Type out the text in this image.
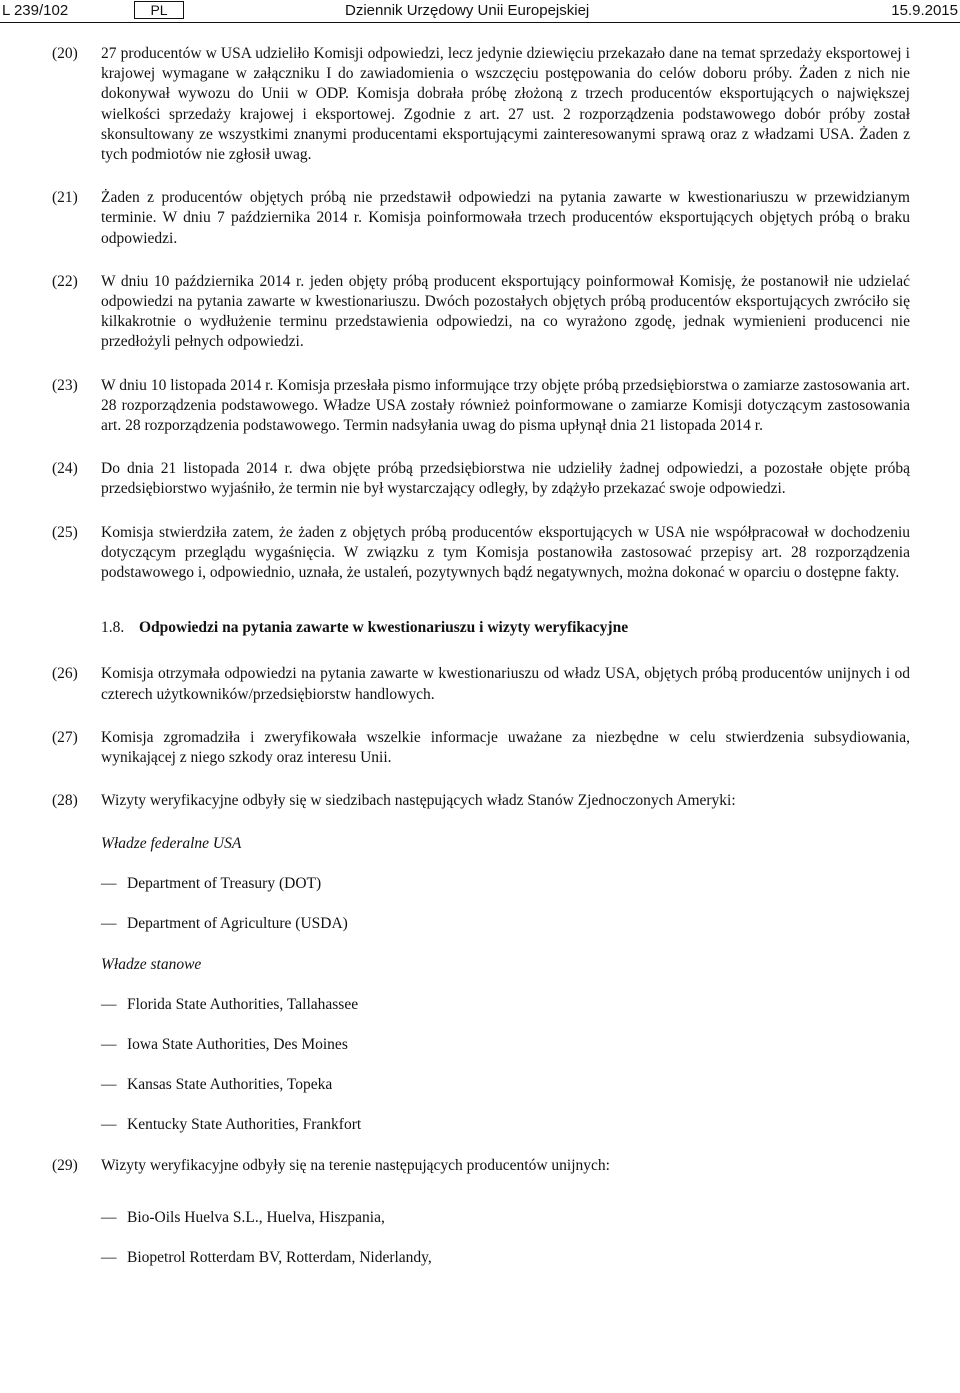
L 239/102	PL	Dziennik Urzędowy Unii Europejskiej	15.9.2015
(20) 27 producentów w USA udzieliło Komisji odpowiedzi, lecz jedynie dziewięciu przekazało dane na temat sprzedaży eksportowej i krajowej wymagane w załączniku I do zawiadomienia o wszczęciu postępowania do celów doboru próby. Żaden z nich nie dokonywał wywozu do Unii w ODP. Komisja dobrała próbę złożoną z trzech producentów eksportujących o największej wielkości sprzedaży krajowej i eksportowej. Zgodnie z art. 27 ust. 2 rozporządzenia podstawowego dobór próby został skonsultowany ze wszystkimi znanymi producentami eksportującymi zainteresowanymi sprawą oraz z władzami USA. Żaden z tych podmiotów nie zgłosił uwag.
(21) Żaden z producentów objętych próbą nie przedstawił odpowiedzi na pytania zawarte w kwestionariuszu w przewidzianym terminie. W dniu 7 października 2014 r. Komisja poinformowała trzech producentów eksportujących objętych próbą o braku odpowiedzi.
(22) W dniu 10 października 2014 r. jeden objęty próbą producent eksportujący poinformował Komisję, że postanowił nie udzielać odpowiedzi na pytania zawarte w kwestionariuszu. Dwóch pozostałych objętych próbą producentów eksportujących zwróciło się kilkakrotnie o wydłużenie terminu przedstawienia odpowiedzi, na co wyrażono zgodę, jednak wymienieni producenci nie przedłożyli pełnych odpowiedzi.
(23) W dniu 10 listopada 2014 r. Komisja przesłała pismo informujące trzy objęte próbą przedsiębiorstwa o zamiarze zastosowania art. 28 rozporządzenia podstawowego. Władze USA zostały również poinformowane o zamiarze Komisji dotyczącym zastosowania art. 28 rozporządzenia podstawowego. Termin nadsyłania uwag do pisma upłynął dnia 21 listopada 2014 r.
(24) Do dnia 21 listopada 2014 r. dwa objęte próbą przedsiębiorstwa nie udzieliły żadnej odpowiedzi, a pozostałe objęte próbą przedsiębiorstwo wyjaśniło, że termin nie był wystarczający odległy, by zdążyło przekazać swoje odpowiedzi.
(25) Komisja stwierdziła zatem, że żaden z objętych próbą producentów eksportujących w USA nie współpracował w dochodzeniu dotyczącym przeglądu wygaśnięcia. W związku z tym Komisja postanowiła zastosować przepisy art. 28 rozporządzenia podstawowego i, odpowiednio, uznała, że ustaleń, pozytywnych bądź negatywnych, można dokonać w oparciu o dostępne fakty.
1.8. Odpowiedzi na pytania zawarte w kwestionariuszu i wizyty weryfikacyjne
(26) Komisja otrzymała odpowiedzi na pytania zawarte w kwestionariuszu od władz USA, objętych próbą producentów unijnych i od czterech użytkowników/przedsiębiorstw handlowych.
(27) Komisja zgromadziła i zweryfikowała wszelkie informacje uważane za niezbędne w celu stwierdzenia subsydiowania, wynikającej z niego szkody oraz interesu Unii.
(28) Wizyty weryfikacyjne odbyły się w siedzibach następujących władz Stanów Zjednoczonych Ameryki:
Władze federalne USA
— Department of Treasury (DOT)
— Department of Agriculture (USDA)
Władze stanowe
— Florida State Authorities, Tallahassee
— Iowa State Authorities, Des Moines
— Kansas State Authorities, Topeka
— Kentucky State Authorities, Frankfort
(29) Wizyty weryfikacyjne odbyły się na terenie następujących producentów unijnych:
— Bio-Oils Huelva S.L., Huelva, Hiszpania,
— Biopetrol Rotterdam BV, Rotterdam, Niderlandy,
